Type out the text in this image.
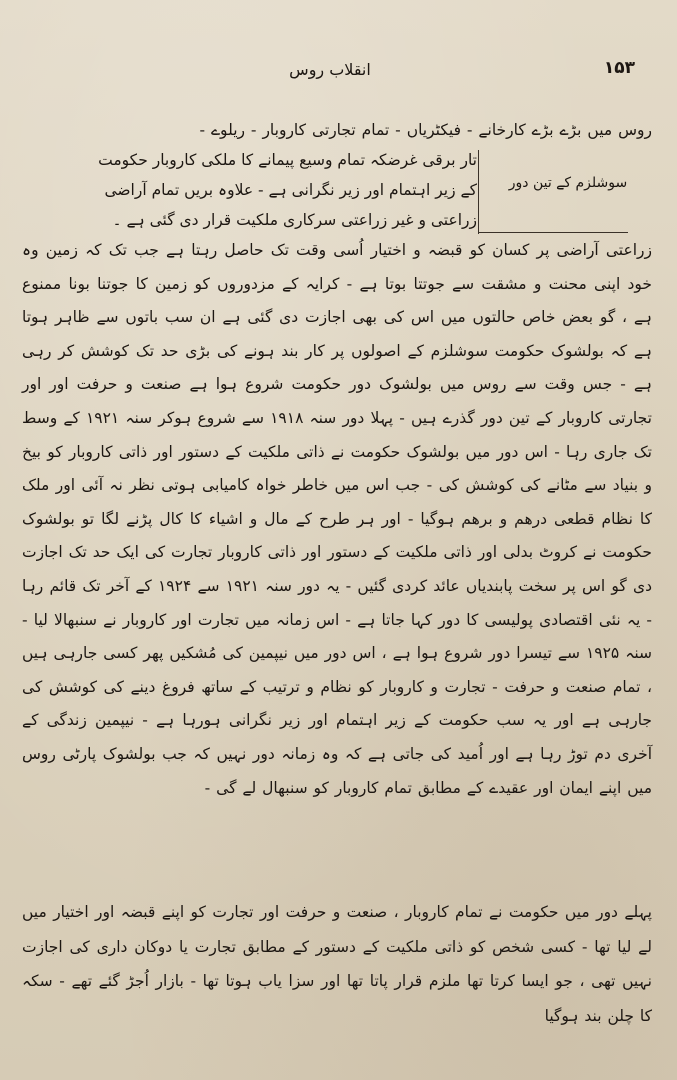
انقلاب روس	۱۵۳

روس میں بڑے بڑے کارخانے - فیکٹریاں - تمام تجارتی کاروبار - ریلوے -

تار برقی غرضکہ تمام وسیع پیمانے کا ملکی کاروبار حکومت

کے زیر اہتمام اور زیر نگرانی ہے - علاوہ بریں تمام آراضی

زراعتی و غیر زراعتی سرکاری ملکیت قرار دی گئی ہے ۔

سوشلزم کے تین دور

زراعتی آراضی پر کسان کو قبضہ و اختیار اُسی وقت تک حاصل رہتا ہے جب تک کہ زمین وہ خود اپنی محنت و مشقت سے جوتتا بوتا ہے - کرایہ کے مزدوروں کو زمین کا جوتنا بونا ممنوع ہے ، گو بعض خاص حالتوں میں اس کی بھی اجازت دی گئی ہے ان سب باتوں سے ظاہر ہوتا ہے کہ بولشوک حکومت سوشلزم کے اصولوں پر کار بند ہونے کی بڑی حد تک کوشش کر رہی ہے - جس وقت سے روس میں بولشوک دور حکومت شروع ہوا ہے صنعت و حرفت اور اور تجارتی کاروبار کے تین دور گذرے ہیں - پہلا دور سنہ ۱۹۱۸ سے شروع ہوکر سنہ ۱۹۲۱ کے وسط تک جاری رہا - اس دور میں بولشوک حکومت نے ذاتی ملکیت کے دستور اور ذاتی کاروبار کو بیخ و بنیاد سے مٹانے کی کوشش کی - جب اس میں خاطر خواہ کامیابی ہوتی نظر نہ آئی اور ملک کا نظام قطعی درھم و برھم ہوگیا - اور ہر طرح کے مال و اشیاء کا کال پڑنے لگا تو بولشوک حکومت نے کروٹ بدلی اور ذاتی ملکیت کے دستور اور ذاتی کاروبار تجارت کی ایک حد تک اجازت دی گو اس پر سخت پابندیاں عائد کردی گئیں - یہ دور سنہ ۱۹۲۱ سے ۱۹۲۴ کے آخر تک قائم رہا - یہ نئی اقتصادی پولیسی کا دور کہا جاتا ہے - اس زمانہ میں تجارت اور کاروبار نے سنبھالا لیا - سنہ ۱۹۲۵ سے تیسرا دور شروع ہوا ہے ، اس دور میں نیپمین کی مُشکیں پھر کسی جارہی ہیں ، تمام صنعت و حرفت - تجارت و کاروبار کو نظام و ترتیب کے ساتھ فروغ دینے کی کوشش کی جارہی ہے اور یہ سب حکومت کے زیر اہتمام اور زیر نگرانی ہورہا ہے - نیپمین زندگی کے آخری دم توڑ رہا ہے اور اُمید کی جاتی ہے کہ وہ زمانہ دور نہیں کہ جب بولشوک پارٹی روس میں اپنے ایمان اور عقیدے کے مطابق تمام کاروبار کو سنبھال لے گی -

پہلے دور میں حکومت نے تمام کاروبار ، صنعت و حرفت اور تجارت کو اپنے قبضہ اور اختیار میں لے لیا تھا - کسی شخص کو ذاتی ملکیت کے دستور کے مطابق تجارت یا دوکان داری کی اجازت نہیں تھی ، جو ایسا کرتا تھا ملزم قرار پاتا تھا اور سزا یاب ہوتا تھا - بازار اُجڑ گئے تھے - سکہ کا چلن بند ہوگیا
